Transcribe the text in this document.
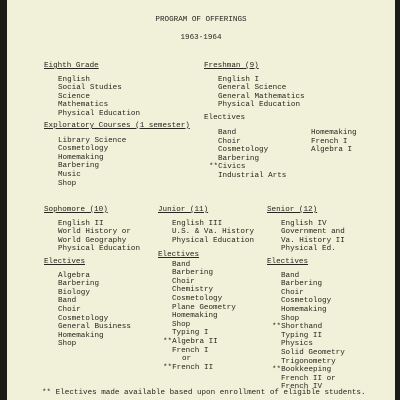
PROGRAM OF OFFERINGS
1963-1964
Eighth Grade
English
Social Studies
Science
Mathematics
Physical Education
Exploratory Courses (1 semester)
Library Science
Cosmetology
Homemaking
Barbering
Music
Shop
Freshman (9)
English I
General Science
General Mathematics
Physical Education
Electives
Band
Choir
Cosmetology
Barbering
**Civics
Industrial Arts
Homemaking
French I
Algebra I
Sophomore (10)
English II
World History or
World Geography
Physical Education
Electives
Algebra
Barbering
Biology
Band
Choir
Cosmetology
General Business
Homemaking
Shop
Junior (11)
English III
U.S. & Va. History
Physical Education
Electives
Band
Barbering
Choir
Chemistry
Cosmetology
Plane Geometry
Homemaking
Shop
Typing I
**Algebra II
French I
or
**French II
Senior (12)
English IV
Government and
Va. History II
Physical Ed.
Electives
Band
Barbering
Choir
Cosmetology
Homemaking
Shop
**Shorthand
Typing II
Physics
Solid Geometry
Trigonometry
**Bookkeeping
French II or
French IV
** Electives made available based upon enrollment of eligible students.
